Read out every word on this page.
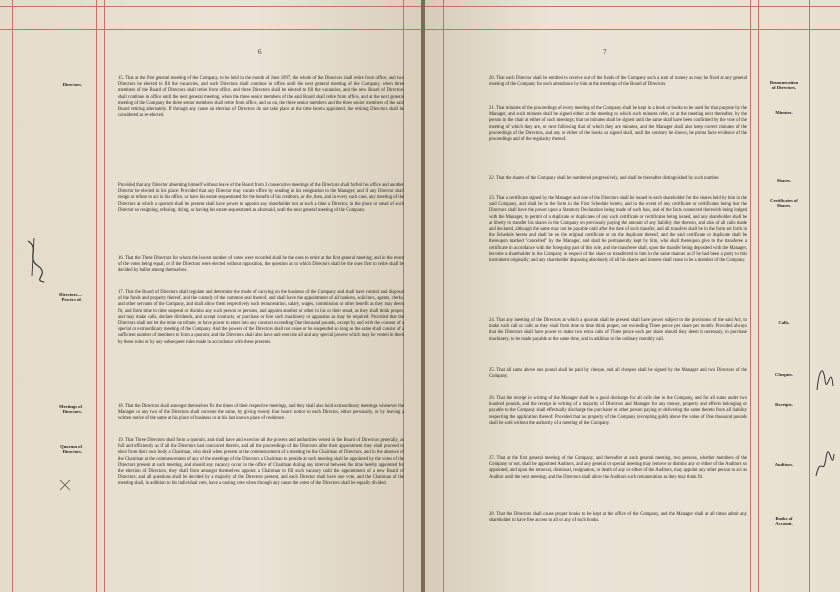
6
Directors.
Directors—
Powers of.
Meetings of
Directors.
Quorum of
Directors.
15. That at the first general meeting of the Company, to be held in the month of June 1897, the whole of the Directors shall retire from office, and two Directors be elected to fill the vacancies, and such Directors shall continue in office until the next general meeting of the Company, when three members of the Board of Directors shall retire from office, and three Directors shall be elected to fill the vacancies, and the new Board of Directors shall continue in office until the next general meeting, when the three senior members of the said Board shall retire from office, and at the next general meeting of the Company the three senior members shall retire from office, and so on, the three senior members and the three senior members of the said Board retiring alternately. If through any cause an election of Directors do not take place at the time herein appointed, the retiring Directors shall be considered as re-elected.
Provided that any Director absenting himself without leave of the Board from 3 consecutive meetings of the Directors shall forfeit his office and another Director be elected in his place: Provided that any Director may vacate office by sending in his resignation to the Manager; and if any Director shall resign or refuse to act in his office, or have his estate sequestrated for the benefit of his creditors, or die, then, and in every such case, any meeting of the Directors at which a quorum shall be present shall have power to appoint any shareholder not at such a time a Director, in the place or stead of such Director so resigning, refusing, dying, or having his estate sequestrated as aforesaid, until the next general meeting of the Company.
16. That the Three Directors for whom the lowest number of votes were recorded shall be the ones to retire at the first general meeting; and in the event of the votes being equal, or if the Directors were elected without opposition, the question as to which Directors shall be the ones first to retire shall be decided by ballot among themselves.
17. That the Board of Directors shall regulate and determine the mode of carrying on the business of the Company and shall have control and disposal of the funds and property thereof, and the custody of the common seal thereof, and shall have the appointment of all bankers, solicitors, agents, clerks, and other servants of the Company, and shall allow them respectively such remuneration, salary, wages, commission or other benefit as they may deem fit, and from time to time suspend or dismiss any such person or persons, and appoint another or other in his or their stead, as they shall think proper, and may make calls, declare dividends, and accept contracts, or purchase or hire such machinery or apparatus as may be required: Provided that the Directors shall not let the mine on tribute, or have power to enter into any contract exceeding One thousand pounds, except by and with the consent of a special or extraordinary meeting of the Company. And the powers of the Directors shall not cease or be suspended so long as the same shall consist of a sufficient number of members to form a quorum; and the Directors shall also have and exercise all and any special powers which may be vested in them by these rules or by any subsequent rules made in accordance with these presents.
18. That the Directors shall amongst themselves fix the times of their respective meetings, and they shall also hold extraordinary meetings whenever the Manager or any two of the Directors shall convene the same, by giving twenty four hours' notice to each Director, either personally, or by leaving a written notice of the same at his place of business or at his last known place of residence.
19. That Three Directors shall form a quorum, and shall have and exercise all the powers and authorities vested in the Board of Directors generally, as full and efficiently as if all the Directors had concurred therein, and all the proceedings of the Directors after their appointment they shall proceed to elect from their own body a Chairman, who shall when present at the commencement of a meeting be the Chairman of Directors, and in the absence of the Chairman at the commencement of any of the meetings of the Directors a Chairman to preside at such meeting shall be appointed by the votes of the Directors present at such meeting, and should any vacancy occur in the office of Chairman during any interval between the time hereby appointed for the election of Directors, they shall from amongst themselves appoint a Chairman to fill such vacancy until the appointment of a new Board of Directors; and all questions shall be decided by a majority of the Directors present, and each Director shall have one vote, and the Chairman of the meeting shall, in addition to his individual vote, have a casting vote when through any cause the votes of the Directors shall be equally divided.
7
Remuneration
of Directors.
Minutes.
Shares.
Certificates of
Shares.
Calls.
Cheques.
Receipts.
Auditors.
Books of
Account.
20. That each Director shall be entitled to receive out of the funds of the Company such a sum of money as may be fixed at any general meeting of the Company for each attendance by him at the meetings of the Board of Directors.
21. That minutes of the proceedings of every meeting of the Company shall be kept in a book or books to be used for that purpose by the Manager, and such minutes shall be signed either at the meeting to which such minutes refer, or at the meeting next thereafter, by the person in the chair at either of such meetings; that no minutes shall be signed until the same shall have been confirmed by the vote of the meeting of which they are, or next following that of which they are minutes, and the Manager shall also keep correct minutes of the proceedings of the Directors, and any or either of the books so signed shall, until the contrary be shown, be prima facie evidence of the proceedings and of the regularity thereof.
22. That the shares of the Company shall be numbered progressively, and shall be thereafter distinguished by such number.
23. That a certificate signed by the Manager and one of the Directors shall be issued to each shareholder for the shares held by him in the said Company, and shall be in the form in the First Schedule hereto, and in the event of any certificate or certificates being lost the Directors shall have the power upon a Statutory Declaration being made of such loss, and of the facts connected therewith being lodged with the Manager, to permit of a duplicate or duplicates of any such certificate or certificates being issued, and any shareholder shall be at liberty to transfer his shares in the Company on previously paying the amount of any liability due thereon, and also of all calls made and declared, although the same may not be payable until after the date of such transfer, and all transfers shall be in the form set forth in the Schedule hereto and shall be on the original certificate or on the duplicate thereof, and the said certificate or duplicate shall be thereupon marked "cancelled" by the Manager, and shall be permanently kept by him, who shall thereupon give to the transferee a certificate in accordance with the foregoing part of this rule, and the transferee shall, upon the transfer being deposited with the Manager, become a shareholder in the Company in respect of the share so transferred to him in the same manner as if he had been a party to this instrument originally; and any shareholder disposing absolutely of all his shares and interest shall cease to be a member of the Company.
24. That any meeting of the Directors at which a quorum shall be present shall have power subject to the provisions of the said Act, to make such call or calls as they shall from time to time think proper, not exceeding Three pence per share per month: Provided always that the Directors shall have power to make two extra calls of Three pence each per share should they deem it necessary, to purchase machinery, to be made payable at the same time, and in addition to the ordinary monthly call.
25. That all sums above one pound shall be paid by cheque, and all cheques shall be signed by the Manager and two Directors of the Company.
26. That the receipt in writing of the Manager shall be a good discharge for all calls due to the Company, and for all sums under two hundred pounds, and the receipt in writing of a majority of Directors and Manager for any money, property and effects belonging or payable to the Company shall effectually discharge the purchaser or other person paying or delivering the same thereto from all liability respecting the application thereof: Provided that no property of the Company (excepting gold) above the value of One thousand pounds shall be sold without the authority of a meeting of the Company.
27. That at the first general meeting of the Company, and thereafter at each general meeting, two persons, whether members of the Company or not, shall be appointed Auditors, and any general or special meeting may remove or dismiss any or either of the Auditors so appointed, and upon the removal, dismissal, resignation, or death of any or either of the Auditors, may appoint any other person to act as Auditor until the next meeting; and the Directors shall allow the Auditors such remuneration as they may think fit.
28. That the Directors shall cause proper books to be kept at the office of the Company, and the Manager shall at all times admit any shareholder to have free access to all or any of such books.
